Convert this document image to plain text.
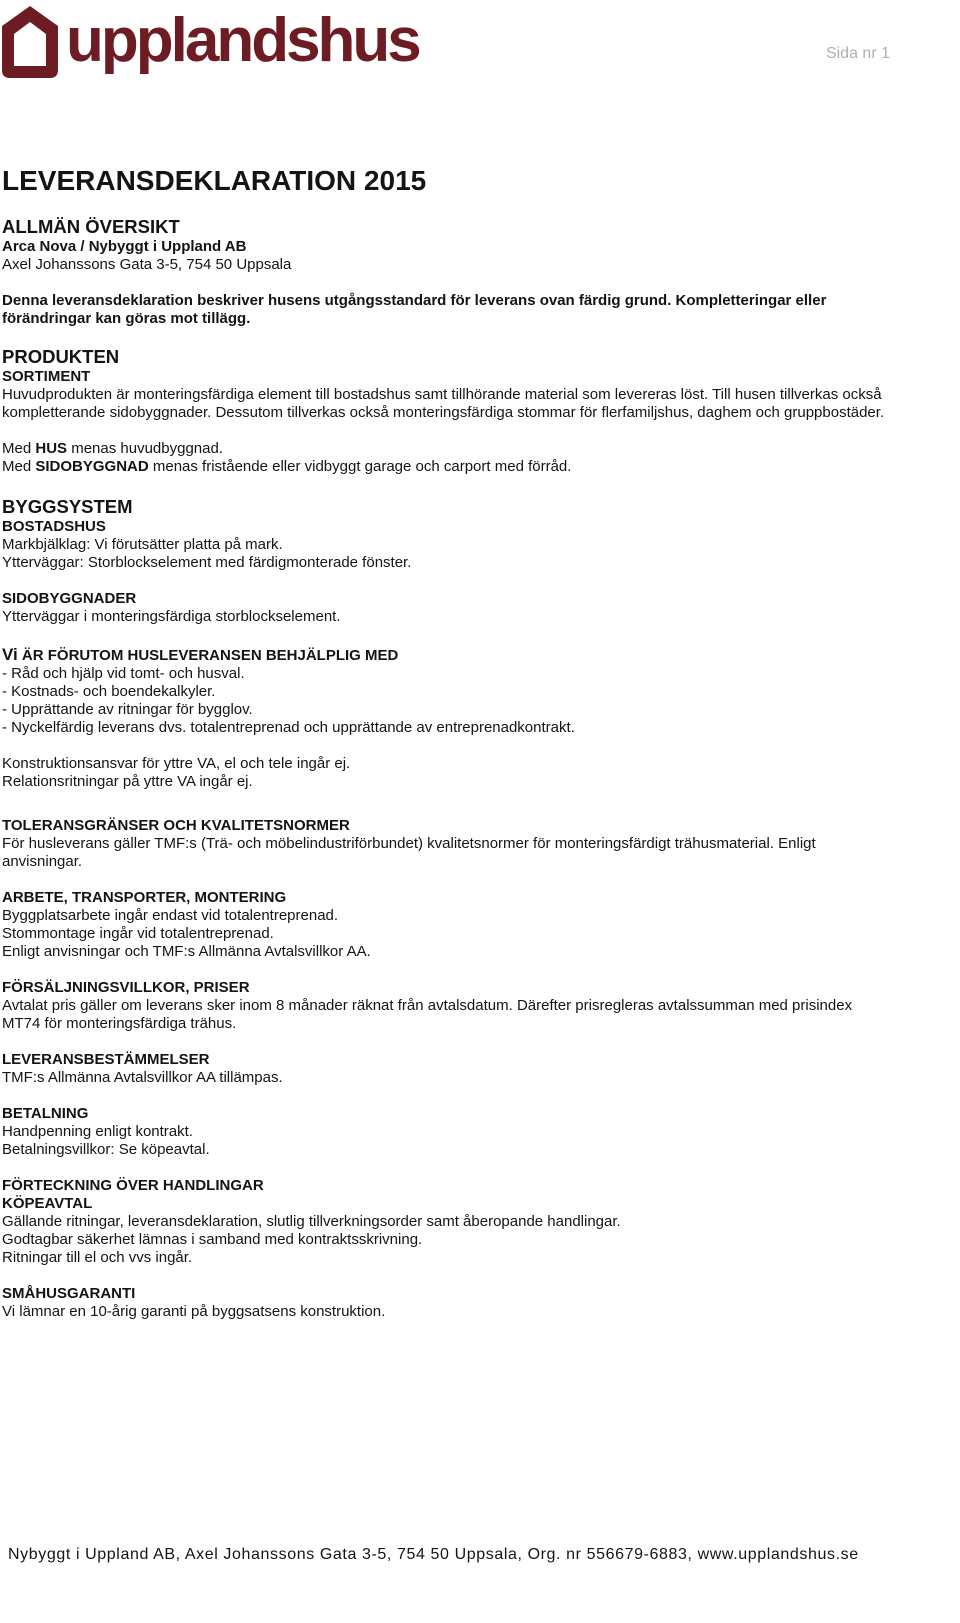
upplandshus	Sida nr 1
LEVERANSDEKLARATION 2015
ALLMÄN ÖVERSIKT
Arca Nova / Nybyggt i Uppland AB
Axel Johanssons Gata 3-5, 754 50 Uppsala
Denna leveransdeklaration beskriver husens utgångsstandard för leverans ovan färdig grund. Kompletteringar eller
förändringar kan göras mot tillägg.
PRODUKTEN
SORTIMENT
Huvudprodukten är monteringsfärdiga element till bostadshus samt tillhörande material som levereras löst. Till husen tillverkas också
kompletterande sidobyggnader. Dessutom tillverkas också monteringsfärdiga stommar för flerfamiljshus, daghem och gruppbostäder.
Med HUS menas huvudbyggnad.
Med SIDOBYGGNAD menas fristående eller vidbyggt garage och carport med förråd.
BYGGSYSTEM
BOSTADSHUS
Markbjälklag: Vi förutsätter platta på mark.
Ytterväggar: Storblockselement med färdigmonterade fönster.
SIDOBYGGNADER
Ytterväggar i monteringsfärdiga storblockselement.
Vi ÄR FÖRUTOM HUSLEVERANSEN BEHJÄLPLIG MED
- Råd och hjälp vid tomt- och husval.
- Kostnads- och boendekalkyler.
- Upprättande av ritningar för bygglov.
- Nyckelfärdig leverans dvs. totalentreprenad och upprättande av entreprenadkontrakt.
Konstruktionsansvar för yttre VA, el och tele ingår ej.
Relationsritningar på yttre VA ingår ej.
TOLERANSGRÄNSER OCH KVALITETSNORMER
För husleverans gäller TMF:s (Trä- och möbelindustriförbundet) kvalitetsnormer för monteringsfärdigt trähusmaterial. Enligt
anvisningar.
ARBETE, TRANSPORTER, MONTERING
Byggplatsarbete ingår endast vid totalentreprenad.
Stommontage ingår vid totalentreprenad.
Enligt anvisningar och TMF:s Allmänna Avtalsvillkor AA.
FÖRSÄLJNINGSVILLKOR, PRISER
Avtalat pris gäller om leverans sker inom 8 månader räknat från avtalsdatum. Därefter prisregleras avtalssumman med prisindex
MT74 för monteringsfärdiga trähus.
LEVERANSBESTÄMMELSER
TMF:s Allmänna Avtalsvillkor AA tillämpas.
BETALNING
Handpenning enligt kontrakt.
Betalningsvillkor: Se köpeavtal.
FÖRTECKNING ÖVER HANDLINGAR
KÖPEAVTAL
Gällande ritningar, leveransdeklaration, slutlig tillverkningsorder samt åberopande handlingar.
Godtagbar säkerhet lämnas i samband med kontraktsskrivning.
Ritningar till el och vvs ingår.
SMÅHUSGARANTI
Vi lämnar en 10-årig garanti på byggsatsens konstruktion.
Nybyggt i Uppland AB, Axel Johanssons Gata 3-5, 754 50 Uppsala, Org. nr 556679-6883, www.upplandshus.se
